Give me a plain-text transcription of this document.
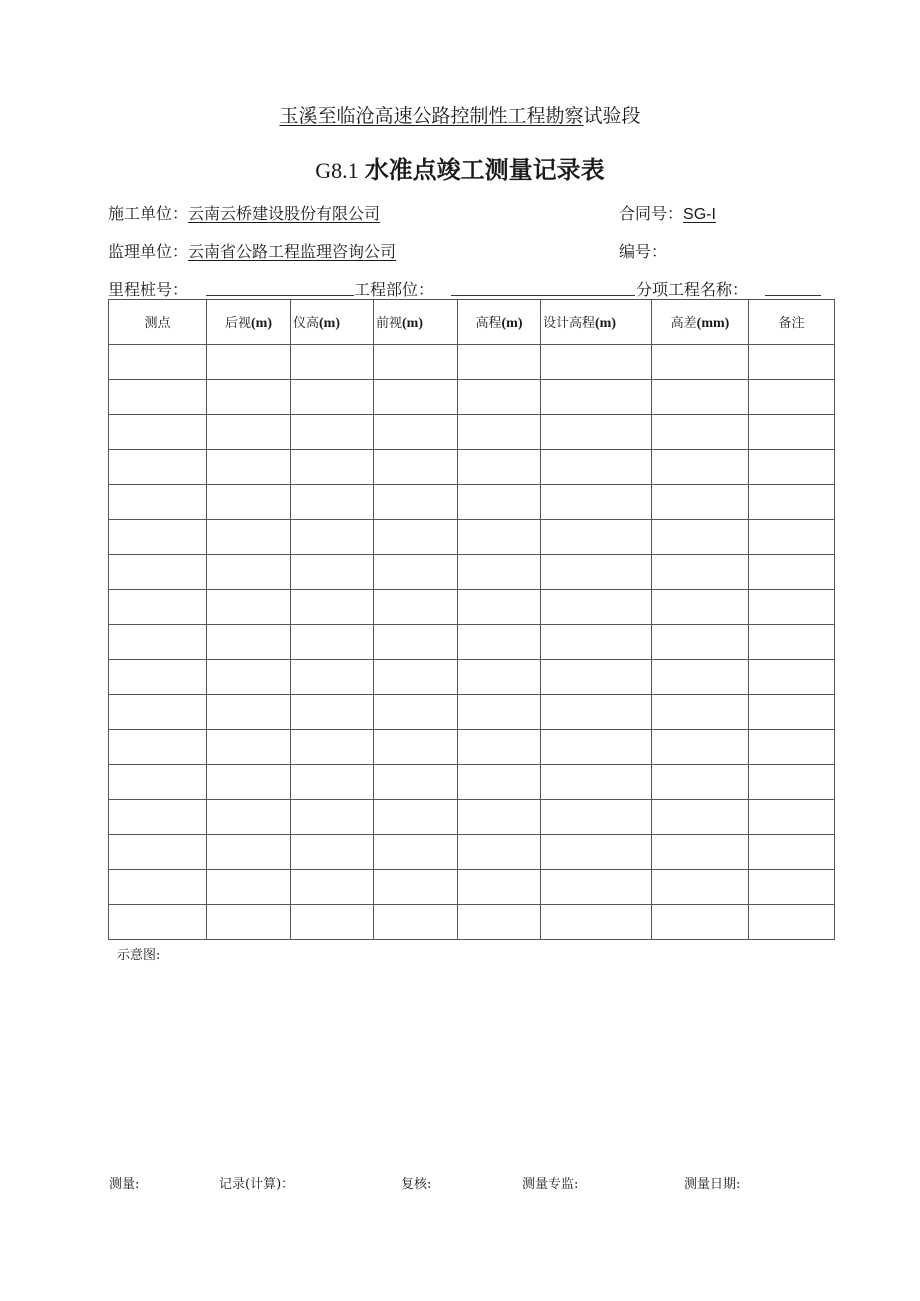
玉溪至临沧高速公路控制性工程勘察试验段
G8.1 水准点竣工测量记录表
施工单位：云南云桥建设股份有限公司	合同号：SG-I
监理单位：云南省公路工程监理咨询公司	编号：
里程桩号：	工程部位：	分项工程名称：
测点	后视(m)	仪高(m)	前视(m)	高程(m)	设计高程(m)	高差(mm)	备注

示意图:
测量:	记录(计算)：	复核:	测量专监:	测量日期:
